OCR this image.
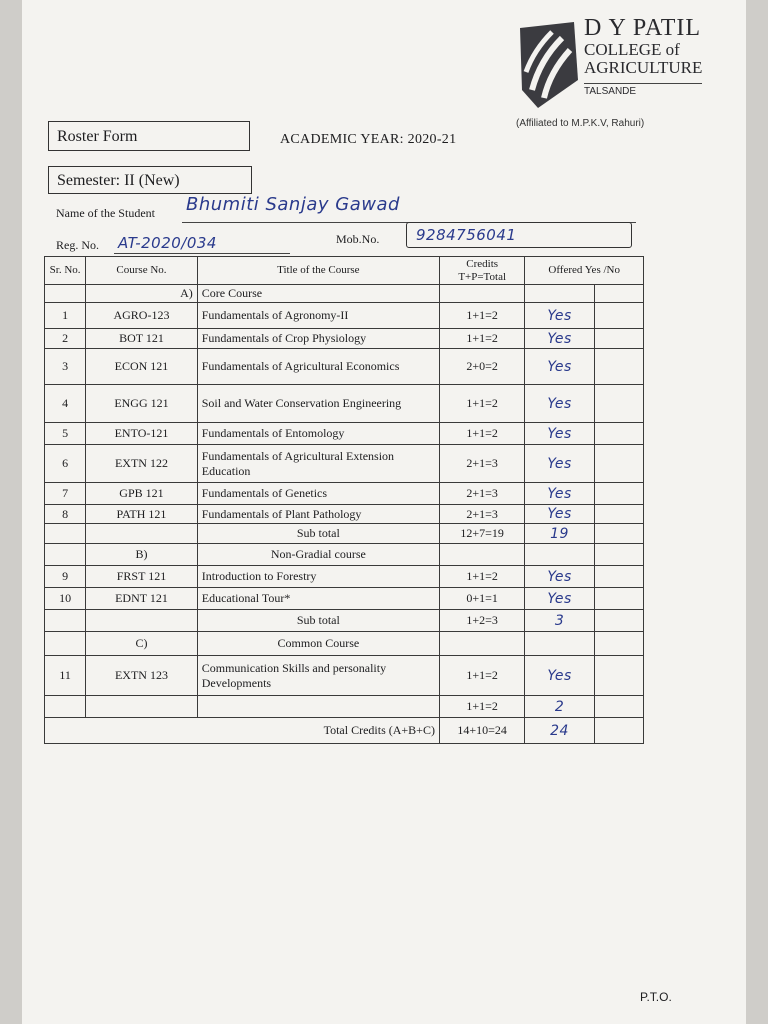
D Y PATIL
COLLEGE of
AGRICULTURE
TALSANDE
(Affiliated to M.P.K.V, Rahuri)
Roster Form	ACADEMIC YEAR: 2020-21
Semester: II (New)
Name of the Student Bhumiti Sanjay Gawad
Reg. No. AT-2020/034	Mob.No. 9284756041
Sr. No.	Course No.	Title of the Course	Credits T+P=Total	Offered Yes /No	
	A)	Core Course			
1	AGRO-123	Fundamentals of Agronomy-II	1+1=2	Yes	
2	BOT 121	Fundamentals of Crop Physiology	1+1=2	Yes	
3	ECON 121	Fundamentals of Agricultural Economics	2+0=2	Yes	
4	ENGG 121	Soil and Water Conservation Engineering	1+1=2	Yes	
5	ENTO-121	Fundamentals of Entomology	1+1=2	Yes	
6	EXTN 122	Fundamentals of Agricultural Extension Education	2+1=3	Yes	
7	GPB 121	Fundamentals of Genetics	2+1=3	Yes	
8	PATH 121	Fundamentals of Plant Pathology	2+1=3	Yes	
		Sub total	12+7=19	19	
	B)	Non-Gradial course			
9	FRST 121	Introduction to Forestry	1+1=2	Yes	
10	EDNT 121	Educational Tour*	0+1=1	Yes	
		Sub total	1+2=3	3	
	C)	Common Course			
11	EXTN 123	Communication Skills and personality Developments	1+1=2	Yes	
			1+1=2	2	
Total Credits (A+B+C)			14+10=24	24	
P.T.O.
